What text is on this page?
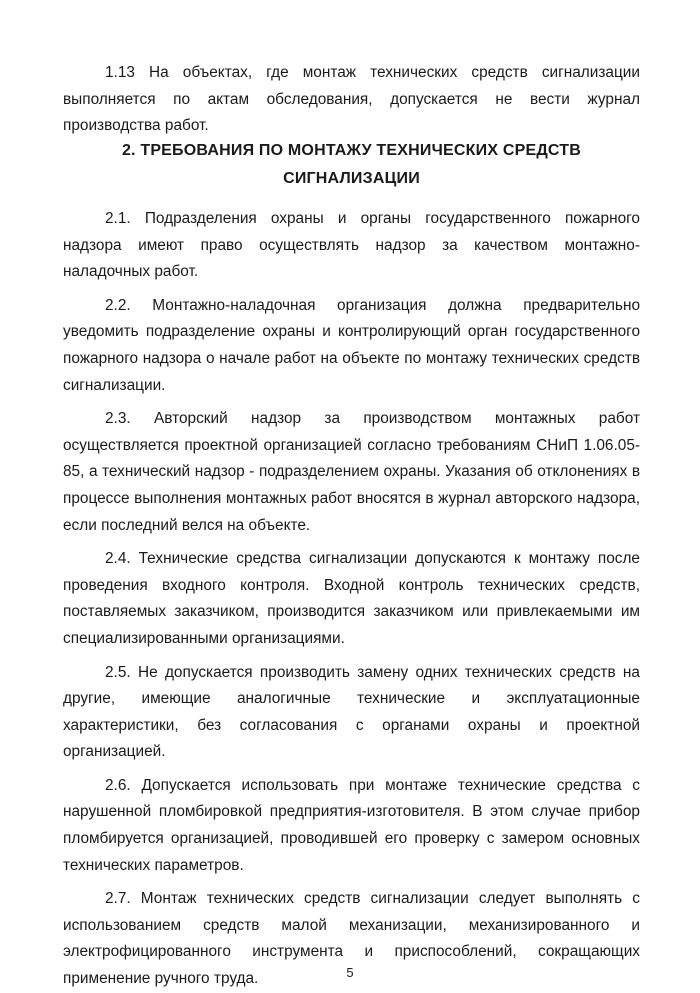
1.13 На объектах, где монтаж технических средств сигнализации выполняется по актам обследования, допускается не вести журнал производства работ.

2. ТРЕБОВАНИЯ ПО МОНТАЖУ ТЕХНИЧЕСКИХ СРЕДСТВ
СИГНАЛИЗАЦИИ

2.1. Подразделения охраны и органы государственного пожарного надзора имеют право осуществлять надзор за качеством монтажно-наладочных работ.

2.2. Монтажно-наладочная организация должна предварительно уведомить подразделение охраны и контролирующий орган государственного пожарного надзора о начале работ на объекте по монтажу технических средств сигнализации.

2.3. Авторский надзор за производством монтажных работ осуществляется проектной организацией согласно требованиям СНиП 1.06.05-85, а технический надзор - подразделением охраны. Указания об отклонениях в процессе выполнения монтажных работ вносятся в журнал авторского надзора, если последний велся на объекте.

2.4. Технические средства сигнализации допускаются к монтажу после проведения входного контроля. Входной контроль технических средств, поставляемых заказчиком, производится заказчиком или привлекаемыми им специализированными организациями.

2.5. Не допускается производить замену одних технических средств на другие, имеющие аналогичные технические и эксплуатационные характеристики, без согласования с органами охраны и проектной организацией.

2.6. Допускается использовать при монтаже технические средства с нарушенной пломбировкой предприятия-изготовителя. В этом случае прибор пломбируется организацией, проводившей его проверку с замером основных технических параметров.

2.7. Монтаж технических средств сигнализации следует выполнять с использованием средств малой механизации, механизированного и электрофицированного инструмента и приспособлений, сокращающих применение ручного труда.	5
